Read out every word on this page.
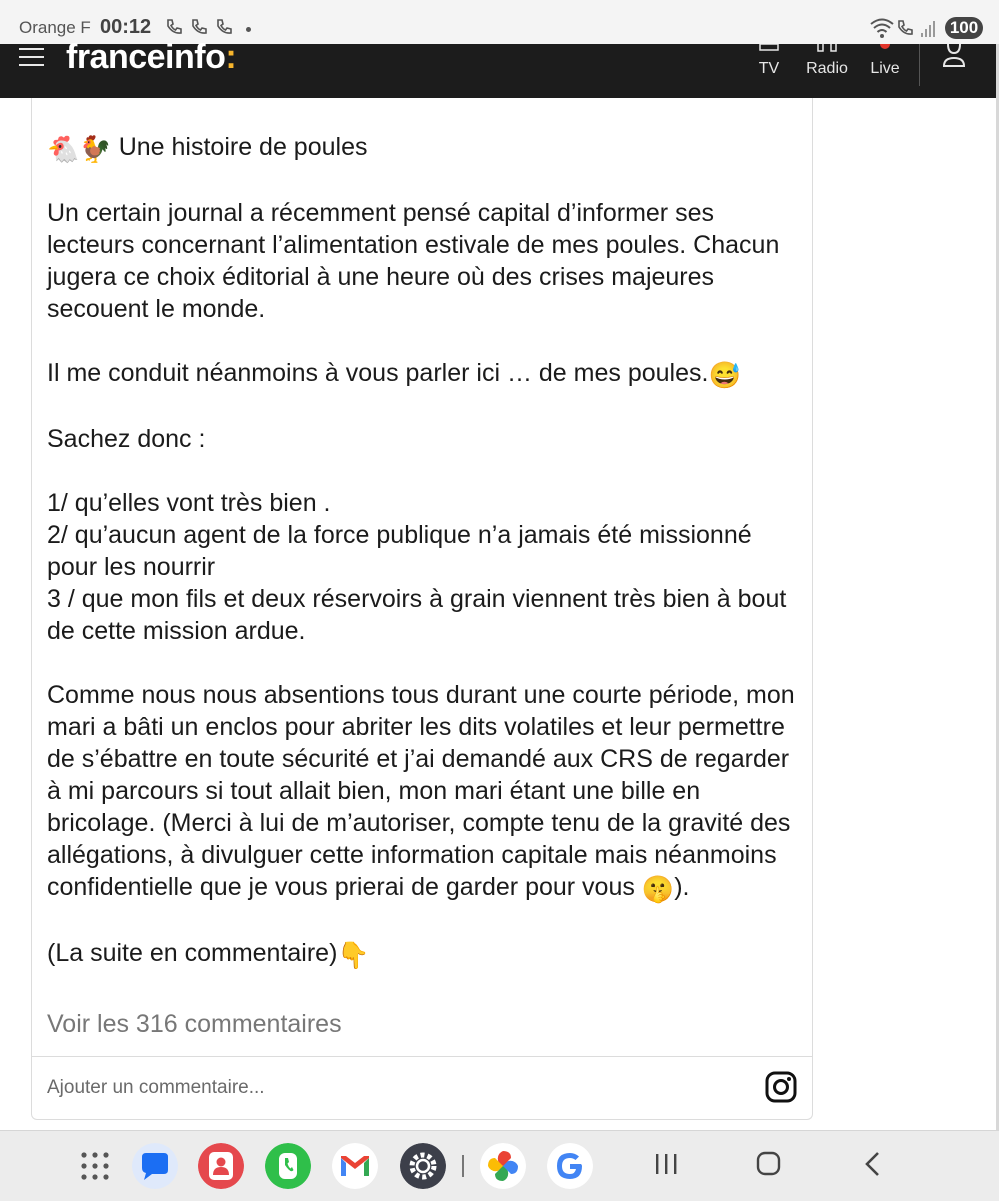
Orange F 00:12	100
franceinfo:	TV	Radio	Live

🐔🐓 Une histoire de poules

Un certain journal a récemment pensé capital d’informer ses lecteurs concernant l’alimentation estivale de mes poules. Chacun jugera ce choix éditorial à une heure où des crises majeures secouent le monde.

Il me conduit néanmoins à vous parler ici … de mes poules.😅

Sachez donc :

1/ qu’elles vont très bien .

2/ qu’aucun agent de la force publique n’a jamais été missionné pour les nourrir

3 / que mon fils et deux réservoirs à grain viennent très bien à bout de cette mission ardue.

Comme nous nous absentions tous durant une courte période, mon mari a bâti un enclos pour abriter les dits volatiles et leur permettre de s’ébattre en toute sécurité et j’ai demandé aux CRS de regarder à mi parcours si tout allait bien, mon mari étant une bille en bricolage. (Merci à lui de m’autoriser, compte tenu de la gravité des allégations, à divulguer cette information capitale mais néanmoins confidentielle que je vous prierai de garder pour vous 🤫).

(La suite en commentaire)👇

Voir les 316 commentaires
Ajouter un commentaire...
